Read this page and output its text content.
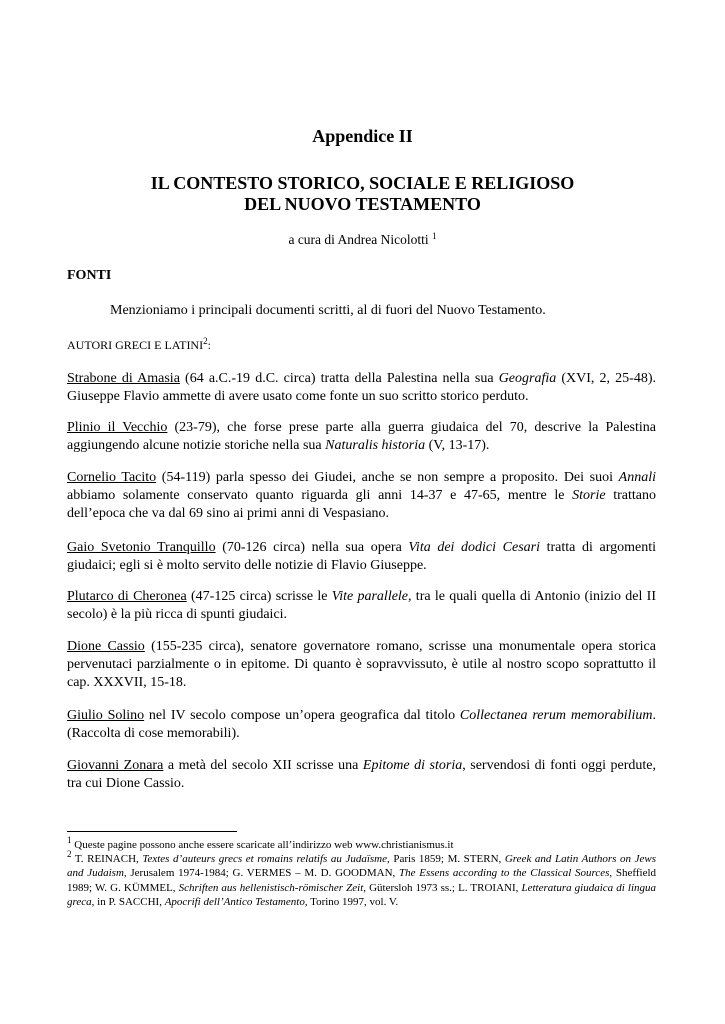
Appendice II
IL CONTESTO STORICO, SOCIALE E RELIGIOSO
DEL NUOVO TESTAMENTO
a cura di Andrea Nicolotti $^1$
FONTI

Menzioniamo i principali documenti scritti, al di fuori del Nuovo Testamento.

AUTORI GRECI E LATINI$^2$:

Strabone di Amasia (64 a.C.-19 d.C. circa) tratta della Palestina nella sua Geografia (XVI, 2, 25-48). Giuseppe Flavio ammette di avere usato come fonte un suo scritto storico perduto.

Plinio il Vecchio (23-79), che forse prese parte alla guerra giudaica del 70, descrive la Palestina aggiungendo alcune notizie storiche nella sua Naturalis historia (V, 13-17).

Cornelio Tacito (54-119) parla spesso dei Giudei, anche se non sempre a proposito. Dei suoi Annali abbiamo solamente conservato quanto riguarda gli anni 14-37 e 47-65, mentre le Storie trattano dell’epoca che va dal 69 sino ai primi anni di Vespasiano.

Gaio Svetonio Tranquillo (70-126 circa) nella sua opera Vita dei dodici Cesari tratta di argomenti giudaici; egli si è molto servito delle notizie di Flavio Giuseppe.

Plutarco di Cheronea (47-125 circa) scrisse le Vite parallele, tra le quali quella di Antonio (inizio del II secolo) è la più ricca di spunti giudaici.

Dione Cassio (155-235 circa), senatore governatore romano, scrisse una monumentale opera storica pervenutaci parzialmente o in epitome. Di quanto è sopravvissuto, è utile al nostro scopo soprattutto il cap. XXXVII, 15-18.

Giulio Solino nel IV secolo compose un’opera geografica dal titolo Collectanea rerum memorabilium. (Raccolta di cose memorabili).

Giovanni Zonara a metà del secolo XII scrisse una Epitome di storia, servendosi di fonti oggi perdute, tra cui Dione Cassio.

$^1$ Queste pagine possono anche essere scaricate all’indirizzo web www.christianismus.it

$^2$ T. REINACH, Textes d’auteurs grecs et romains relatifs au Judaïsme, Paris 1859; M. STERN, Greek and Latin Authors on Jews and Judaism, Jerusalem 1974-1984; G. VERMES – M. D. GOODMAN, The Essens according to the Classical Sources, Sheffield 1989; W. G. KÜMMEL, Schriften aus hellenistisch-römischer Zeit, Gütersloh 1973 ss.; L. TROIANI, Letteratura giudaica di lingua greca, in P. SACCHI, Apocrifi dell’Antico Testamento, Torino 1997, vol. V.
